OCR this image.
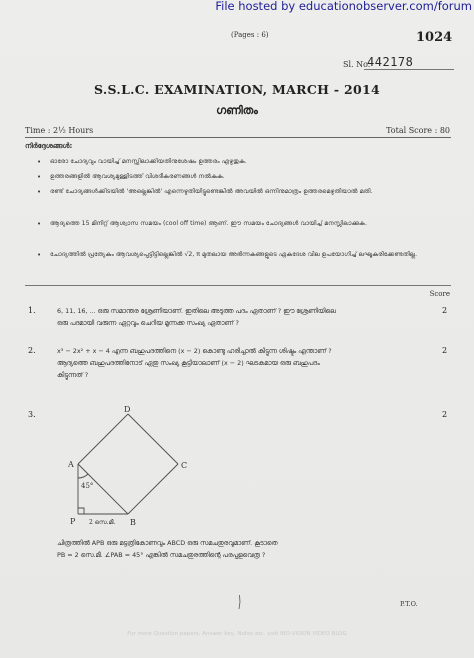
File hosted by educationobserver.com/forum
(Pages : 6)	1024
Sl. No.
442178
S.S.L.C. EXAMINATION, MARCH - 2014
ഗണിതം
Time : 2½ Hours	Total Score : 80
നിർദ്ദേശങ്ങൾ:
• ഓരോ ചോദ്യവും വായിച്ച് മനസ്സിലാക്കിയതിനുശേഷം ഉത്തരം എഴുതുക.
• ഉത്തരങ്ങളിൽ ആവശ്യമുള്ളിടത്ത് വിശദീകരണങ്ങൾ നൽകുക.
• രണ്ട് ചോദ്യങ്ങൾക്കിടയിൽ 'അല്ലെങ്കിൽ' എന്നെഴുതിയിട്ടുണ്ടെങ്കിൽ അവയിൽ ഒന്നിനുമാത്രം ഉത്തരമെഴുതിയാൽ മതി.
• ആദ്യത്തെ 15 മിനിറ്റ് ആശ്വാസ സമയം (cool off time) ആണ്. ഈ സമയം ചോദ്യങ്ങൾ വായിച്ച് മനസ്സിലാക്കുക.
• ചോദ്യത്തിൽ പ്രത്യേകം ആവശ്യപ്പെട്ടിട്ടില്ലെങ്കിൽ √2, π മുതലായ അഭിന്നകങ്ങളുടെ ഏകദേശ വില ഉപയോഗിച്ച് ലഘൂകരിക്കേണ്ടതില്ല.
Score
1.	6, 11, 16, ... ഒരു സമാന്തര ശ്രേണിയാണ്. ഇതിലെ അടുത്ത പദം ഏതാണ് ? ഈ ശ്രേണിയിലെ
ഒരു പദമായി വരുന്ന ഏറ്റവും ചെറിയ മൂന്നക്ക സംഖ്യ ഏതാണ് ?
2
2.	x³ − 2x² + x − 4 എന്ന ബഹുപദത്തിനെ (x − 2) കൊണ്ടു ഹരിച്ചാൽ കിട്ടുന്ന ശിഷ്ടം എന്താണ് ?
ആദ്യത്തെ ബഹുപദത്തിനോട് ഏതു സംഖ്യ കൂട്ടിയാലാണ് (x − 2) ഘടകമായ ഒരു ബഹുപദം
കിട്ടുന്നത് ?
2
3.	2
D
A	C
P	B
45°
2 സെ.മീ.
ചിത്രത്തിൽ APB ഒരു മട്ടത്രികോണവും ABCD ഒരു സമചതുരവുമാണ്. കൂടാതെ
PB = 2 സെ.മീ. ∠PAB = 45° എങ്കിൽ സമചതുരത്തിന്റെ പരപ്പളവെത്ര ?
P.T.O.
For more Question papers, Answer key, Notes etc. visit BIO-VISION VIDEO BLOG
